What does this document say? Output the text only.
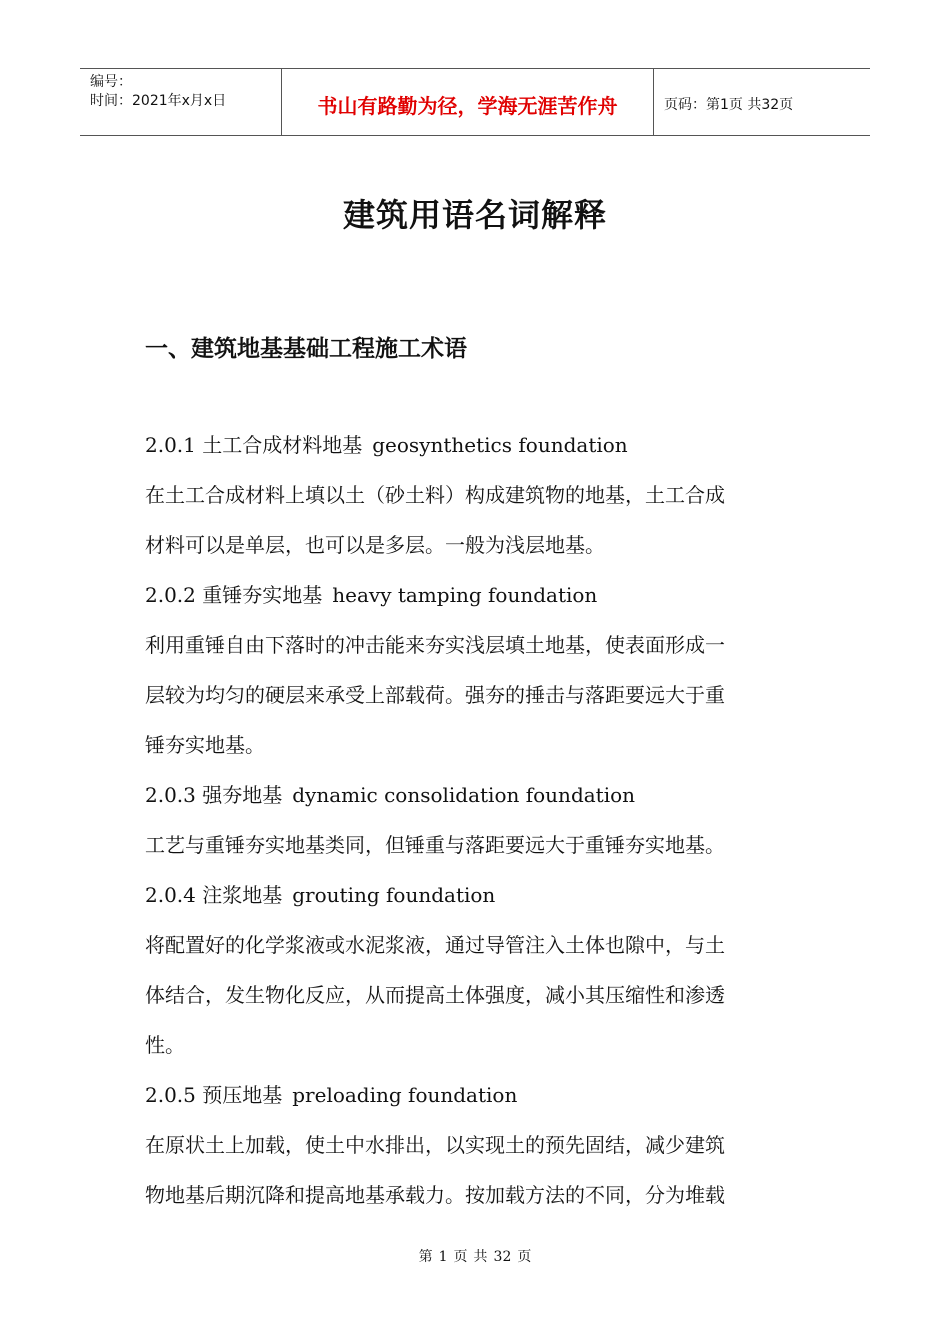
编号：
时间：2021年x月x日	书山有路勤为径，学海无涯苦作舟	页码：第1页 共32页
建筑用语名词解释
一、建筑地基基础工程施工术语
2.0.1 土工合成材料地基 geosynthetics foundation
在土工合成材料上填以土（砂土料）构成建筑物的地基，土工合成
材料可以是单层，也可以是多层。一般为浅层地基。
2.0.2 重锤夯实地基 heavy tamping foundation
利用重锤自由下落时的冲击能来夯实浅层填土地基，使表面形成一
层较为均匀的硬层来承受上部载荷。强夯的捶击与落距要远大于重
锤夯实地基。
2.0.3 强夯地基 dynamic consolidation foundation
工艺与重锤夯实地基类同，但锤重与落距要远大于重锤夯实地基。
2.0.4 注浆地基 grouting foundation
将配置好的化学浆液或水泥浆液，通过导管注入土体也隙中，与土
体结合，发生物化反应，从而提高土体强度，减小其压缩性和渗透
性。
2.0.5 预压地基 preloading foundation
在原状土上加载，使土中水排出，以实现土的预先固结，减少建筑
物地基后期沉降和提高地基承载力。按加载方法的不同，分为堆载
第 1 页 共 32 页
